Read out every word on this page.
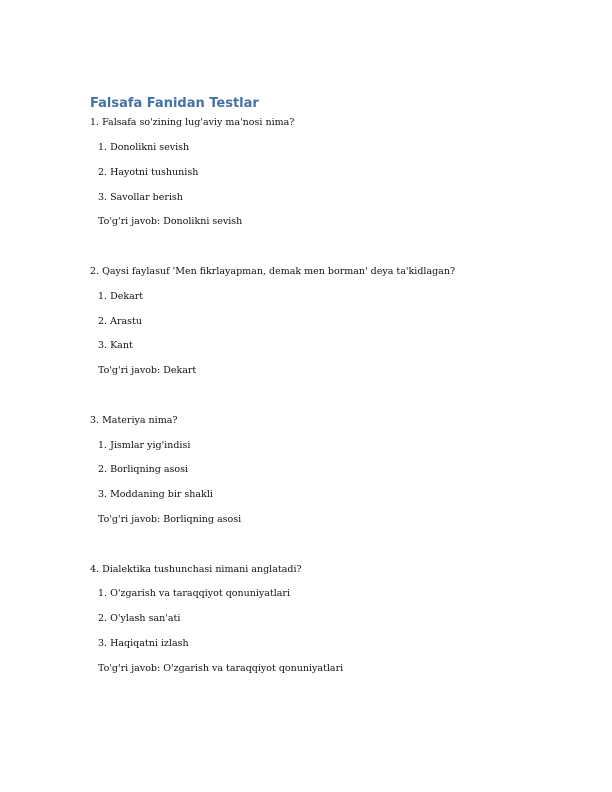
Falsafa Fanidan Testlar
1. Falsafa so'zining lug'aviy ma'nosi nima?
1. Donolikni sevish
2. Hayotni tushunish
3. Savollar berish
To'g'ri javob: Donolikni sevish
2. Qaysi faylasuf 'Men fikrlayapman, demak men borman' deya ta'kidlagan?
1. Dekart
2. Arastu
3. Kant
To'g'ri javob: Dekart
3. Materiya nima?
1. Jismlar yig'indisi
2. Borliqning asosi
3. Moddaning bir shakli
To'g'ri javob: Borliqning asosi
4. Dialektika tushunchasi nimani anglatadi?
1. O'zgarish va taraqqiyot qonuniyatlari
2. O'ylash san'ati
3. Haqiqatni izlash
To'g'ri javob: O'zgarish va taraqqiyot qonuniyatlari
